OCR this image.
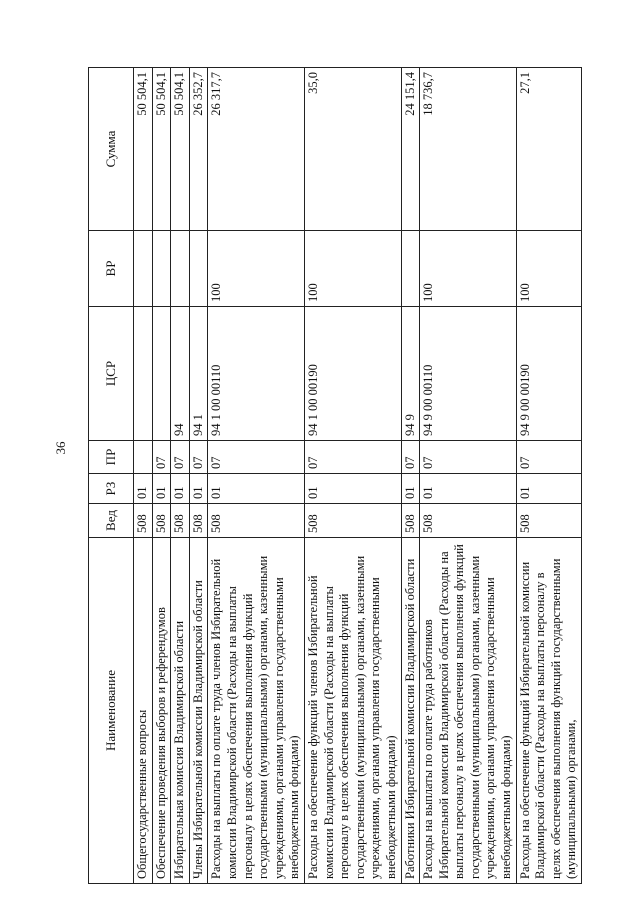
36
Наименование	Вед	РЗ	ПР	ЦСР	ВР	Сумма
Общегосударственные вопросы	508	01				50 504,1
Обеспечение проведения выборов и референдумов	508	01	07			50 504,1
Избирательная комиссия Владимирской области	508	01	07	94		50 504,1
Члены Избирательной комиссии Владимирской области	508	01	07	94 1		26 352,7
Расходы на выплаты по оплате труда членов Избирательной комиссии Владимирской области (Расходы на выплаты персоналу в целях обеспечения выполнения функций государственными (муниципальными) органами, казенными учреждениями, органами управления государственными внебюджетными фондами)	508	01	07	94 1 00 00110	100	26 317,7
Расходы на обеспечение функций членов Избирательной комиссии Владимирской области (Расходы на выплаты персоналу в целях обеспечения выполнения функций государственными (муниципальными) органами, казенными учреждениями, органами управления государственными внебюджетными фондами)	508	01	07	94 1 00 00190	100	35,0
Работники Избирательной комиссии Владимирской области	508	01	07	94 9		24 151,4
Расходы на выплаты по оплате труда работников Избирательной комиссии Владимирской области (Расходы на выплаты персоналу в целях обеспечения выполнения функций государственными (муниципальными) органами, казенными учреждениями, органами управления государственными внебюджетными фондами)	508	01	07	94 9 00 00110	100	18 736,7
Расходы на обеспечение функций Избирательной комиссии Владимирской области (Расходы на выплаты персоналу в целях обеспечения выполнения функций государственными (муниципальными) органами,	508	01	07	94 9 00 00190	100	27,1
